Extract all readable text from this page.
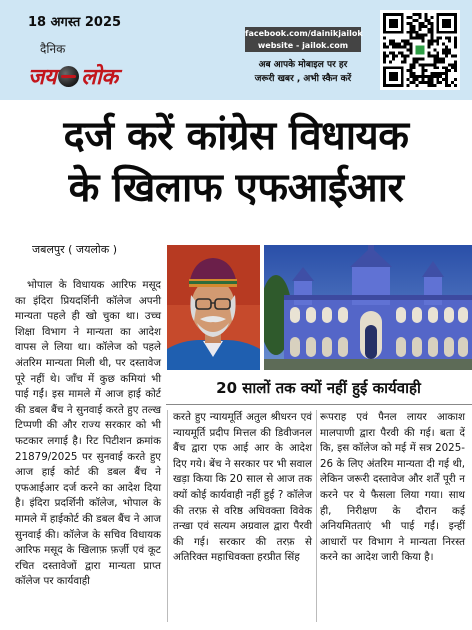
18 अगस्त 2025
दैनिक
जय लोक
facebook.com/dainikjailok
website - jailok.com
अब आपके मोबाइल पर हर
जरूरी खबर , अभी स्कैन करें
दर्ज करें कांग्रेस विधायक
के खिलाफ एफआईआर
जबलपुर ( जयलोक )
20 सालों तक क्यों नहीं हुई कार्यवाही

भोपाल के विधायक आरिफ मसूद का इंदिरा प्रियदर्शिनी कॉलेज अपनी मान्यता पहले ही खो चुका था। उच्च शिक्षा विभाग ने मान्यता का आदेश वापस ले लिया था। कॉलेज को पहले अंतरिम मान्यता मिली थी, पर दस्तावेज पूरे नहीं थे। जाँच में कुछ कमियां भी पाई गईं। इस मामले में आज हाई कोर्ट की डबल बैंच ने सुनवाई करते हुए तल्ख टिप्पणी की और राज्य सरकार को भी फटकार लगाई है। रिट पिटीशन क्रमांक 21879/2025 पर सुनवाई करते हुए आज हाई कोर्ट की डबल बैंच ने एफआईआर दर्ज करने का आदेश दिया है। इंदिरा प्रदर्शिनी कॉलेज, भोपाल के मामले में हाईकोर्ट की डबल बैंच ने आज सुनवाई की। कॉलेज के सचिव विधायक आरिफ मसूद के खिलाफ़ फ़र्ज़ी एवं कूट रचित दस्तावेजों द्वारा मान्यता प्राप्त कॉलेज पर कार्यवाही

करते हुए न्यायमूर्ति अतुल श्रीधरन एवं न्यायमूर्ति प्रदीप मित्तल की डिवीजनल बैंच द्वारा एफ आई आर के आदेश दिए गये। बेंच ने सरकार पर भी सवाल खड़ा किया कि 20 साल से आज तक क्यों कोई कार्यवाही नहीं हुई ? कॉलेज की तरफ़ से वरिष्ठ अधिवक्ता विवेक तन्खा एवं सत्यम अग्रवाल द्वारा पैरवी की गई। सरकार की तरफ़ से अतिरिक्त महाधिवक्ता हरप्रीत सिंह

रूपराह एवं पैनल लायर आकाश मालपाणी द्वारा पैरवी की गई। बता दें कि, इस कॉलेज को मई में सत्र 2025-26 के लिए अंतरिम मान्यता दी गई थी, लेकिन जरूरी दस्तावेज और शर्तें पूरी न करने पर ये फैसला लिया गया। साथ ही, निरीक्षण के दौरान कई अनियमितताएं भी पाई गईं। इन्हीं आधारों पर विभाग ने मान्यता निरस्त करने का आदेश जारी किया है।
